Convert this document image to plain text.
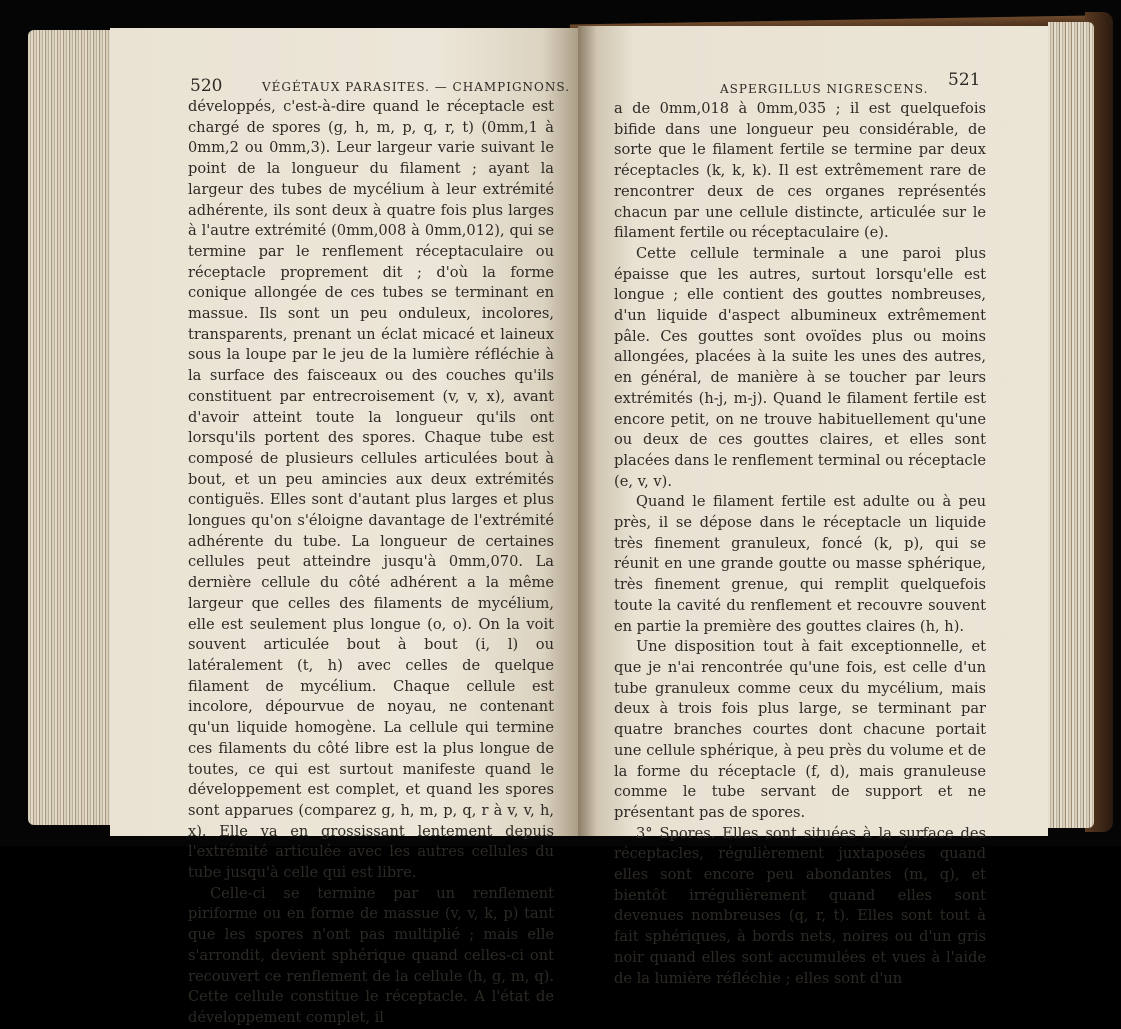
520	VÉGÉTAUX PARASITES. — CHAMPIGNONS.

développés, c'est-à-dire quand le réceptacle est chargé de spores (g, h, m, p, q, r, t) (0mm,1 à 0mm,2 ou 0mm,3). Leur largeur varie suivant le point de la longueur du filament ; ayant la largeur des tubes de mycélium à leur extrémité adhérente, ils sont deux à quatre fois plus larges à l'autre extrémité (0mm,008 à 0mm,012), qui se termine par le renflement réceptaculaire ou réceptacle proprement dit ; d'où la forme conique allongée de ces tubes se terminant en massue. Ils sont un peu onduleux, incolores, transparents, prenant un éclat micacé et laineux sous la loupe par le jeu de la lumière réfléchie à la surface des faisceaux ou des couches qu'ils constituent par entrecroisement (v, v, x), avant d'avoir atteint toute la longueur qu'ils ont lorsqu'ils portent des spores. Chaque tube est composé de plusieurs cellules articulées bout à bout, et un peu amincies aux deux extrémités contiguës. Elles sont d'autant plus larges et plus longues qu'on s'éloigne davantage de l'extrémité adhérente du tube. La longueur de certaines cellules peut atteindre jusqu'à 0mm,070. La dernière cellule du côté adhérent a la même largeur que celles des filaments de mycélium, elle est seulement plus longue (o, o). On la voit souvent articulée bout à bout (i, l) ou latéralement (t, h) avec celles de quelque filament de mycélium. Chaque cellule est incolore, dépourvue de noyau, ne contenant qu'un liquide homogène. La cellule qui termine ces filaments du côté libre est la plus longue de toutes, ce qui est surtout manifeste quand le développement est complet, et quand les spores sont apparues (comparez g, h, m, p, q, r à v, v, h, x). Elle va en grossissant lentement depuis l'extrémité articulée avec les autres cellules du tube jusqu'à celle qui est libre.

Celle-ci se termine par un renflement piriforme ou en forme de massue (v, v, k, p) tant que les spores n'ont pas multiplié ; mais elle s'arrondit, devient sphérique quand celles-ci ont recouvert ce renflement de la cellule (h, g, m, q). Cette cellule constitue le réceptacle. A l'état de développement complet, il

ASPERGILLUS NIGRESCENS. 521

a de 0mm,018 à 0mm,035 ; il est quelquefois bifide dans une longueur peu considérable, de sorte que le filament fertile se termine par deux réceptacles (k, k, k). Il est extrêmement rare de rencontrer deux de ces organes représentés chacun par une cellule distincte, articulée sur le filament fertile ou réceptaculaire (e).

Cette cellule terminale a une paroi plus épaisse que les autres, surtout lorsqu'elle est longue ; elle contient des gouttes nombreuses, d'un liquide d'aspect albumineux extrêmement pâle. Ces gouttes sont ovoïdes plus ou moins allongées, placées à la suite les unes des autres, en général, de manière à se toucher par leurs extrémités (h-j, m-j). Quand le filament fertile est encore petit, on ne trouve habituellement qu'une ou deux de ces gouttes claires, et elles sont placées dans le renflement terminal ou réceptacle (e, v, v).

Quand le filament fertile est adulte ou à peu près, il se dépose dans le réceptacle un liquide très finement granuleux, foncé (k, p), qui se réunit en une grande goutte ou masse sphérique, très finement grenue, qui remplit quelquefois toute la cavité du renflement et recouvre souvent en partie la première des gouttes claires (h, h).

Une disposition tout à fait exceptionnelle, et que je n'ai rencontrée qu'une fois, est celle d'un tube granuleux comme ceux du mycélium, mais deux à trois fois plus large, se terminant par quatre branches courtes dont chacune portait une cellule sphérique, à peu près du volume et de la forme du réceptacle (f, d), mais granuleuse comme le tube servant de support et ne présentant pas de spores.

3° Spores. Elles sont situées à la surface des réceptacles, régulièrement juxtaposées quand elles sont encore peu abondantes (m, q), et bientôt irrégulièrement quand elles sont devenues nombreuses (q, r, t). Elles sont tout à fait sphériques, à bords nets, noires ou d'un gris noir quand elles sont accumulées et vues à l'aide de la lumière réfléchie ; elles sont d'un
